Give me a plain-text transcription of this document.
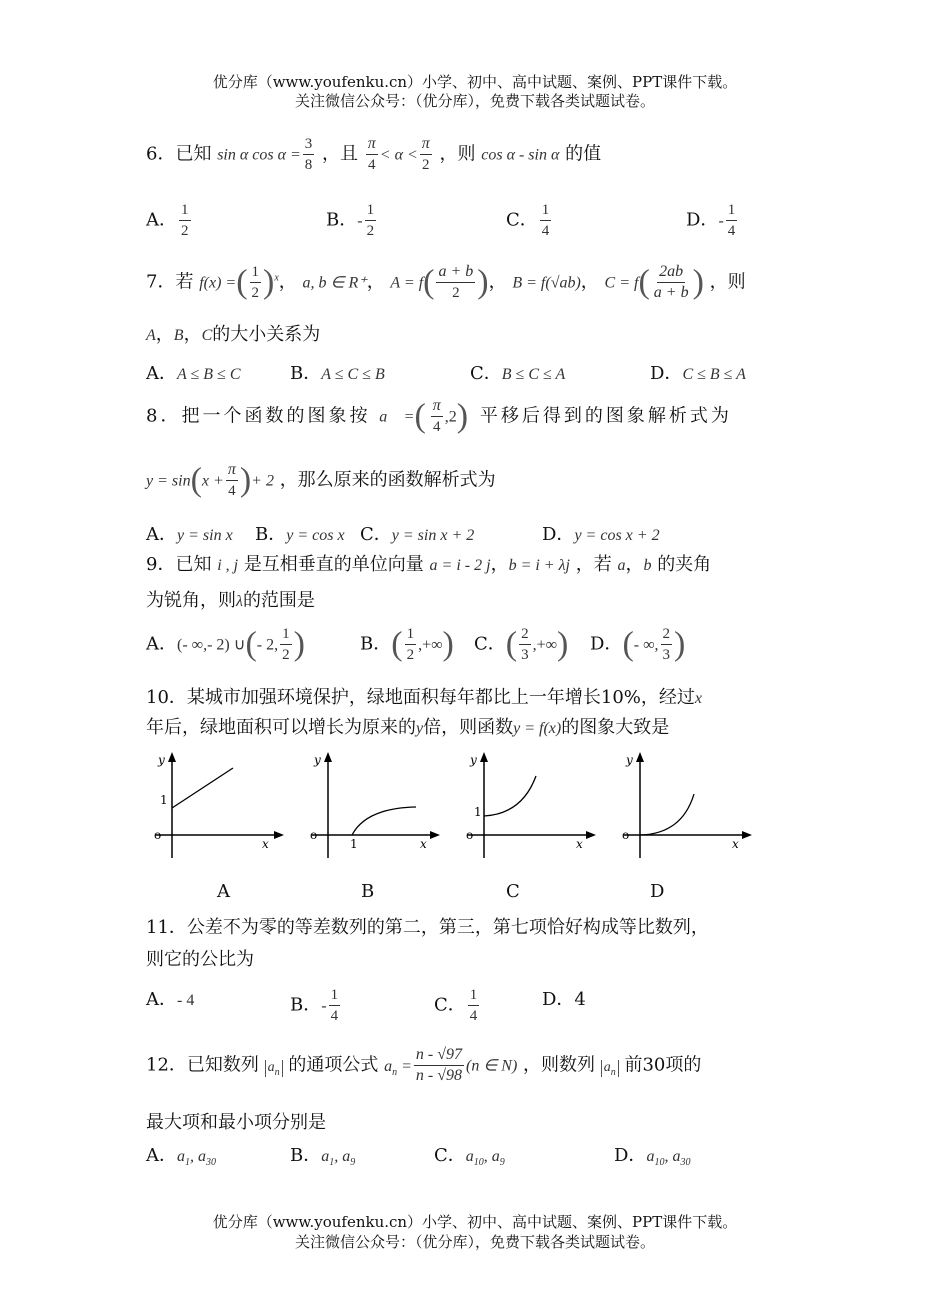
优分库（www.youfenku.cn）小学、初中、高中试题、案例、PPT课件下载。
关注微信公众号：（优分库），免费下载各类试题试卷。
6．已知 sin α $\cos \alpha = \frac{3}{8}$ ，且 $\frac{\pi}{4} < \alpha < \frac{\pi}{2}$ ，则 cos α - sin α 的值
A． $\frac{1}{2}$	B．- $\frac{1}{2}$	C． $\frac{1}{4}$	D．- $\frac{1}{4}$
7．若 f(x) =( $\frac{1}{2} )^x$， a, b ∈ R⁺， $A = f( \frac{a + b}{2}$ )， B = f(√ab)， $C = f( \frac{2ab}{a + b}$ ) ，则
A，B，C的大小关系为
A．A ≤ B ≤ C	B．A ≤ C ≤ B	C．B ≤ C ≤ A	D．C ≤ B ≤ A
8．把一个函数的图象按 a⃗ =( $\frac{\pi}{4} ,2$) 平移后得到的图象解析式为
$y = \sin(x + \frac{\pi}{4}$ )+ 2 ，那么原来的函数解析式为
A．y = sin x B．y = cos x C．y = sin x + 2	D．y = cos x + 2
9．已知 i , j 是互相垂直的单位向量 a = i - 2 j，b = i + λj ，若 a，b 的夹角
为锐角，则λ的范围是
A．(- ∞,- 2) ∪(- 2, $\frac{1}{2}$ )	B．( $\frac{1}{2}$ ,+∞) C．( $\frac{2}{3}$ ,+∞) D．(- ∞, $\frac{2}{3}$ )
10．某城市加强环境保护，绿地面积每年都比上一年增长10%，经过x
年后，绿地面积可以增长为原来的y倍，则函数y = f(x)的图象大致是
y
1
o
x
y
o
1	x
y
1
o
x
y
o
x
A	B	C	D
11．公差不为零的等差数列的第二，第三，第七项恰好构成等比数列，
则它的公比为
A．- 4	B．- $\frac{1}{4}$	C． $\frac{1}{4}$	D．4
12．已知数列 $a_n$ 的通项公式 $a_n = \frac{n - √97}{n - √98} (n$ ∈ N) ，则数列 $a_n$ 前30项的
最大项和最小项分别是
A．$a_1$, $a_{30}$	B．$a_1$, $a_9$	C．$a_{10}$, $a_9$	D．$a_{10}$, $a_{30}$
优分库（www.youfenku.cn）小学、初中、高中试题、案例、PPT课件下载。
关注微信公众号：（优分库），免费下载各类试题试卷。
